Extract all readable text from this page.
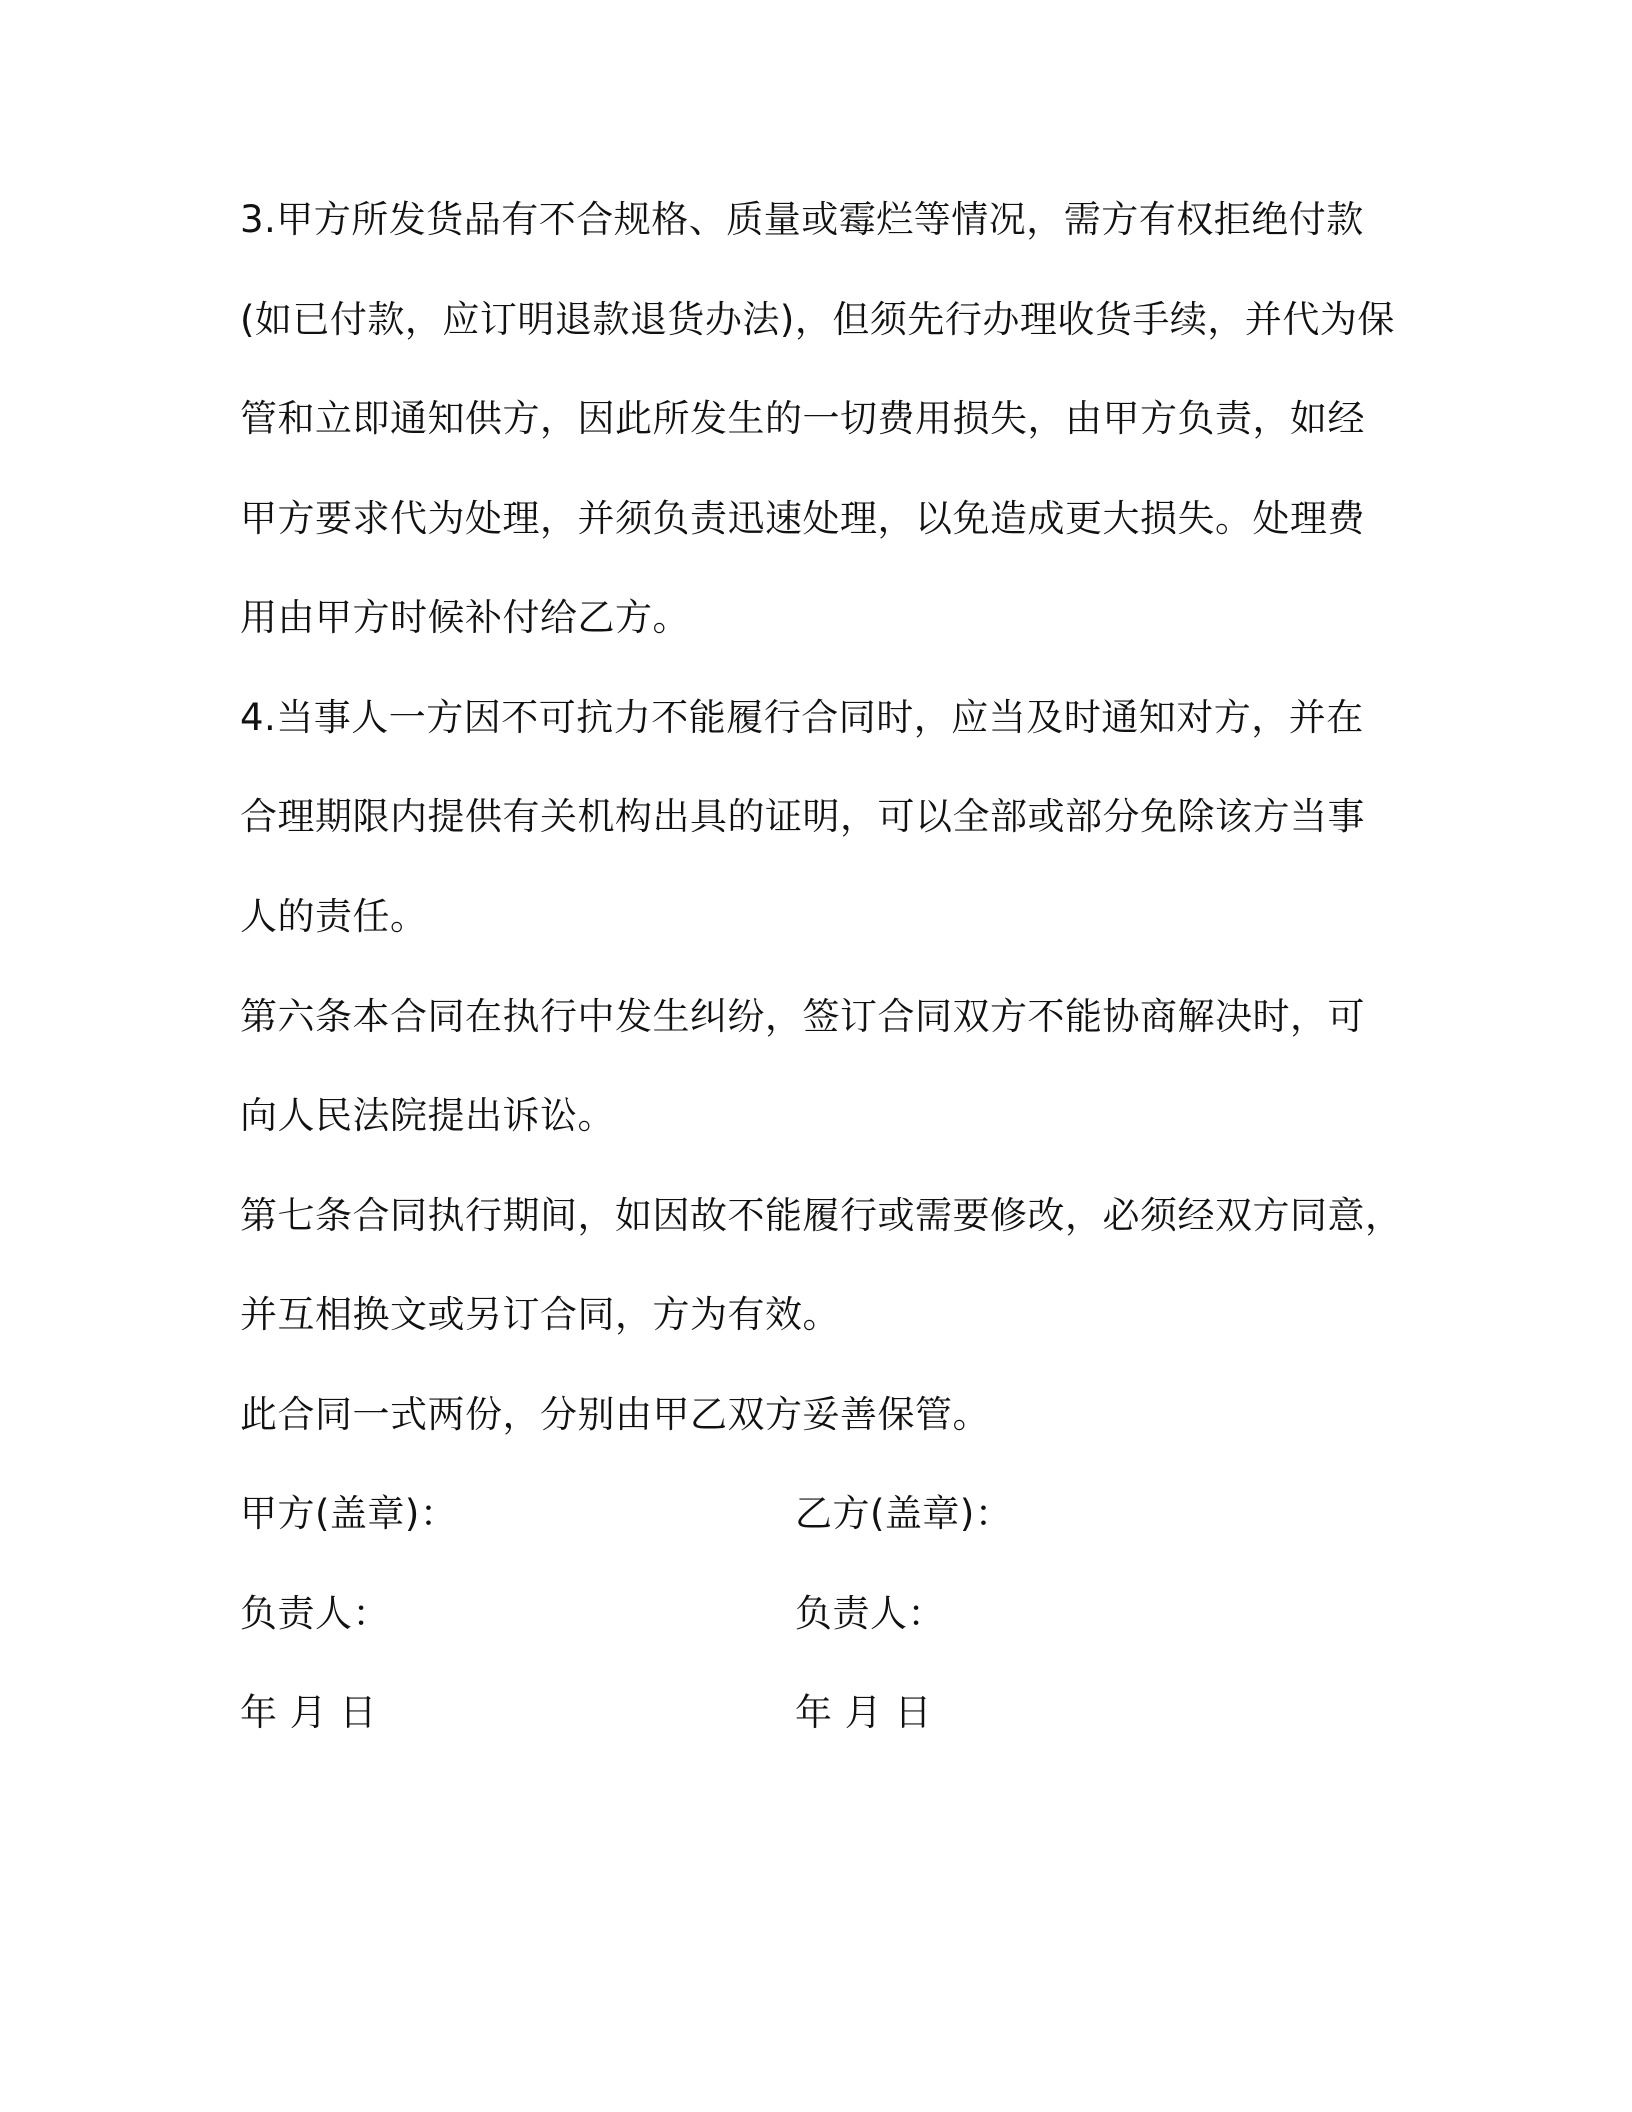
3.甲方所发货品有不合规格、质量或霉烂等情况，需方有权拒绝付款
(如已付款，应订明退款退货办法)，但须先行办理收货手续，并代为保
管和立即通知供方，因此所发生的一切费用损失，由甲方负责，如经
甲方要求代为处理，并须负责迅速处理，以免造成更大损失。处理费
用由甲方时候补付给乙方。
4.当事人一方因不可抗力不能履行合同时，应当及时通知对方，并在
合理期限内提供有关机构出具的证明，可以全部或部分免除该方当事
人的责任。
第六条本合同在执行中发生纠纷，签订合同双方不能协商解决时，可
向人民法院提出诉讼。
第七条合同执行期间，如因故不能履行或需要修改，必须经双方同意，
并互相换文或另订合同，方为有效。
此合同一式两份，分别由甲乙双方妥善保管。
甲方(盖章)：	乙方(盖章)：
负责人：	负责人：
年 月 日	年 月 日
